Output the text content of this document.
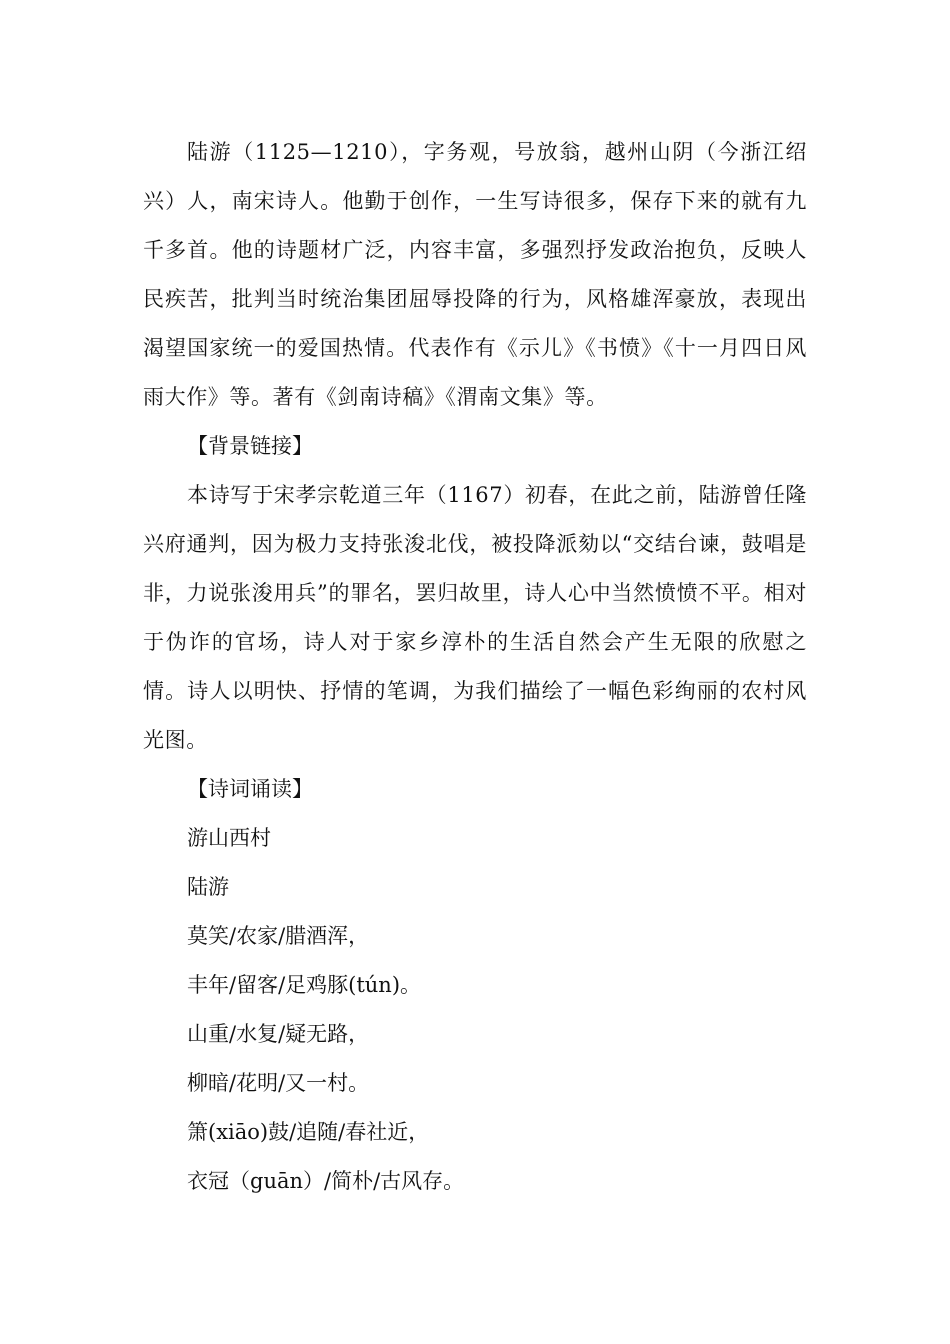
陆游（1125—1210），字务观，号放翁，越州山阴（今浙江绍兴）人，南宋诗人。他勤于创作，一生写诗很多，保存下来的就有九千多首。他的诗题材广泛，内容丰富，多强烈抒发政治抱负，反映人民疾苦，批判当时统治集团屈辱投降的行为，风格雄浑豪放，表现出渴望国家统一的爱国热情。代表作有《示儿》《书愤》《十一月四日风雨大作》等。著有《剑南诗稿》《渭南文集》等。

【背景链接】

本诗写于宋孝宗乾道三年（1167）初春，在此之前，陆游曾任隆兴府通判，因为极力支持张浚北伐，被投降派劾以“交结台谏，鼓唱是非，力说张浚用兵”的罪名，罢归故里，诗人心中当然愤愤不平。相对于伪诈的官场，诗人对于家乡淳朴的生活自然会产生无限的欣慰之情。诗人以明快、抒情的笔调，为我们描绘了一幅色彩绚丽的农村风光图。

【诗词诵读】

游山西村

陆游

莫笑/农家/腊酒浑，

丰年/留客/足鸡豚(tún)。

山重/水复/疑无路，

柳暗/花明/又一村。

箫(xiāo)鼓/追随/春社近，

衣冠（guān）/简朴/古风存。
